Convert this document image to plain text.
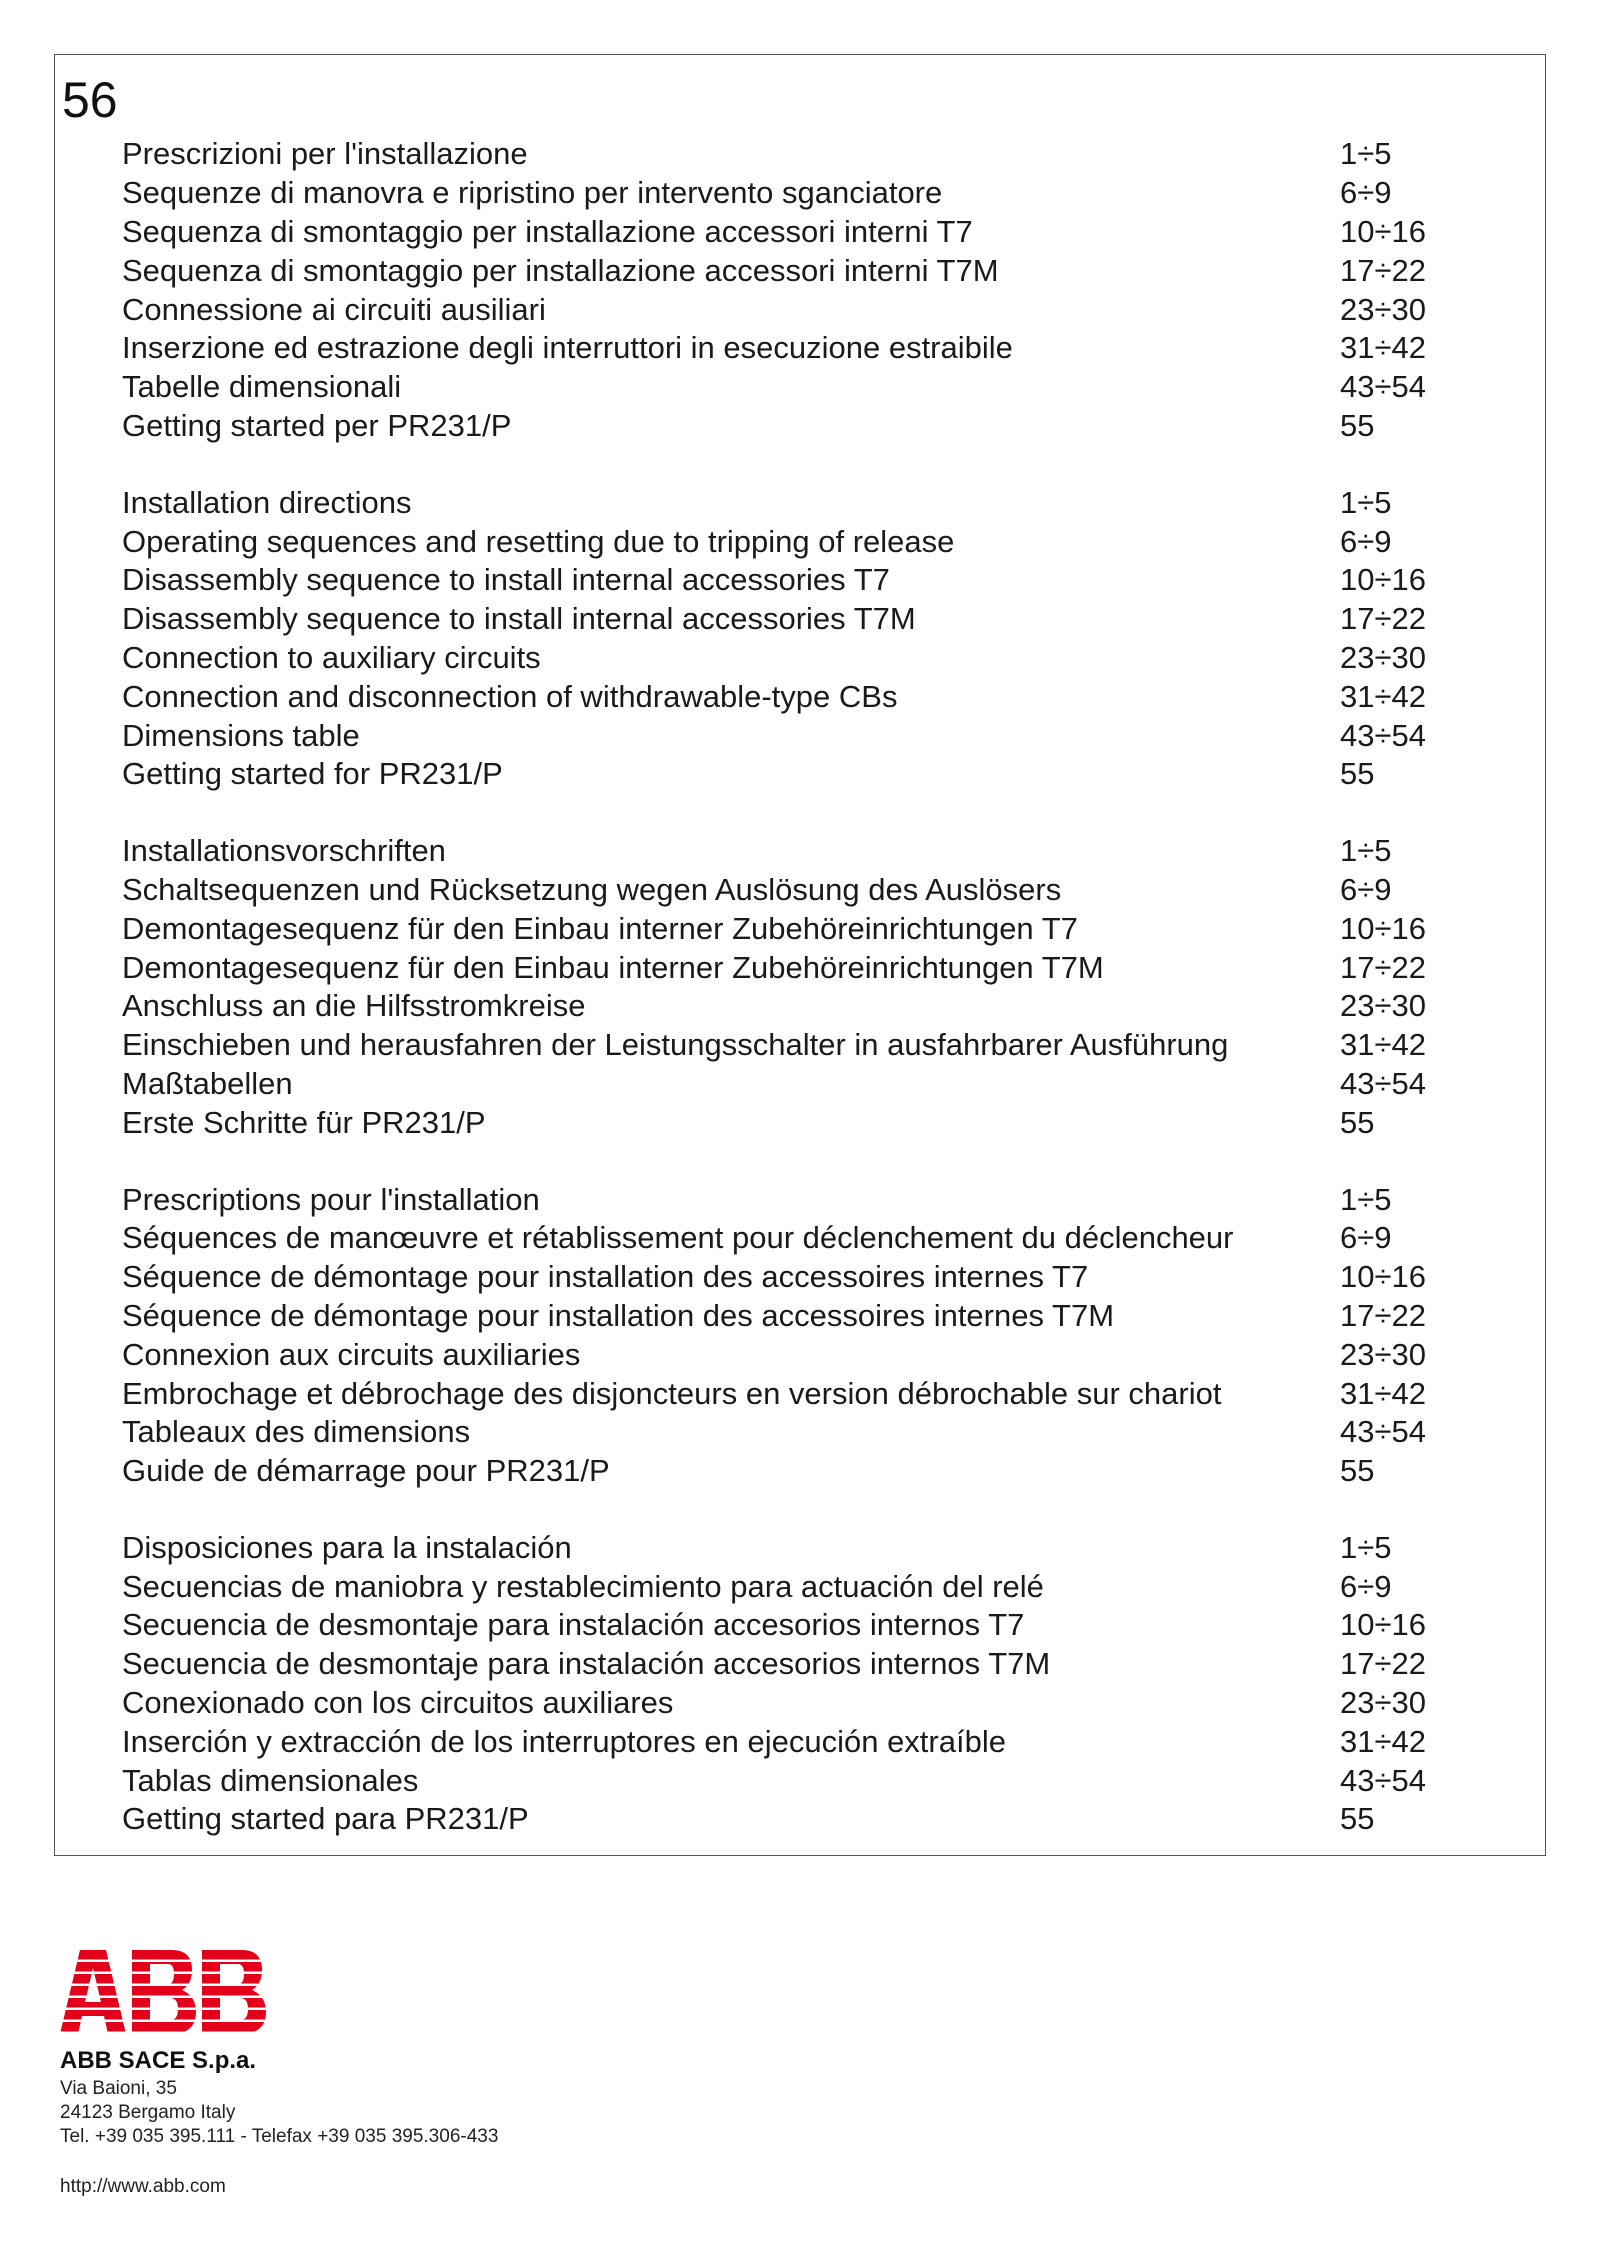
56
Prescrizioni per l'installazione	1÷5
Sequenze di manovra e ripristino per intervento sganciatore	6÷9
Sequenza di smontaggio per installazione accessori interni T7	10÷16
Sequenza di smontaggio per installazione accessori interni T7M	17÷22
Connessione ai circuiti ausiliari	23÷30
Inserzione ed estrazione degli interruttori in esecuzione estraibile	31÷42
Tabelle dimensionali	43÷54
Getting started per PR231/P	55
Installation directions	1÷5
Operating sequences and resetting due to tripping of release	6÷9
Disassembly sequence to install internal accessories T7	10÷16
Disassembly sequence to install internal accessories T7M	17÷22
Connection to auxiliary circuits	23÷30
Connection and disconnection of withdrawable-type CBs	31÷42
Dimensions table	43÷54
Getting started for PR231/P	55
Installationsvorschriften	1÷5
Schaltsequenzen und Rücksetzung wegen Auslösung des Auslösers	6÷9
Demontagesequenz für den Einbau interner Zubehöreinrichtungen T7	10÷16
Demontagesequenz für den Einbau interner Zubehöreinrichtungen T7M	17÷22
Anschluss an die Hilfsstromkreise	23÷30
Einschieben und herausfahren der Leistungsschalter in ausfahrbarer Ausführung	31÷42
Maßtabellen	43÷54
Erste Schritte für PR231/P	55
Prescriptions pour l'installation	1÷5
Séquences de manœuvre et rétablissement pour déclenchement du déclencheur	6÷9
Séquence de démontage pour installation des accessoires internes T7	10÷16
Séquence de démontage pour installation des accessoires internes T7M	17÷22
Connexion aux circuits auxiliaries	23÷30
Embrochage et débrochage des disjoncteurs en version débrochable sur chariot	31÷42
Tableaux des dimensions	43÷54
Guide de démarrage pour PR231/P	55
Disposiciones para la instalación	1÷5
Secuencias de maniobra y restablecimiento para actuación del relé	6÷9
Secuencia de desmontaje para instalación accesorios internos T7	10÷16
Secuencia de desmontaje para instalación accesorios internos T7M	17÷22
Conexionado con los circuitos auxiliares	23÷30
Inserción y extracción de los interruptores en ejecución extraíble	31÷42
Tablas dimensionales	43÷54
Getting started para PR231/P	55
ABB SACE S.p.a.
Via Baioni, 35
24123 Bergamo Italy
Tel. +39 035 395.111 - Telefax +39 035 395.306-433
http://www.abb.com
